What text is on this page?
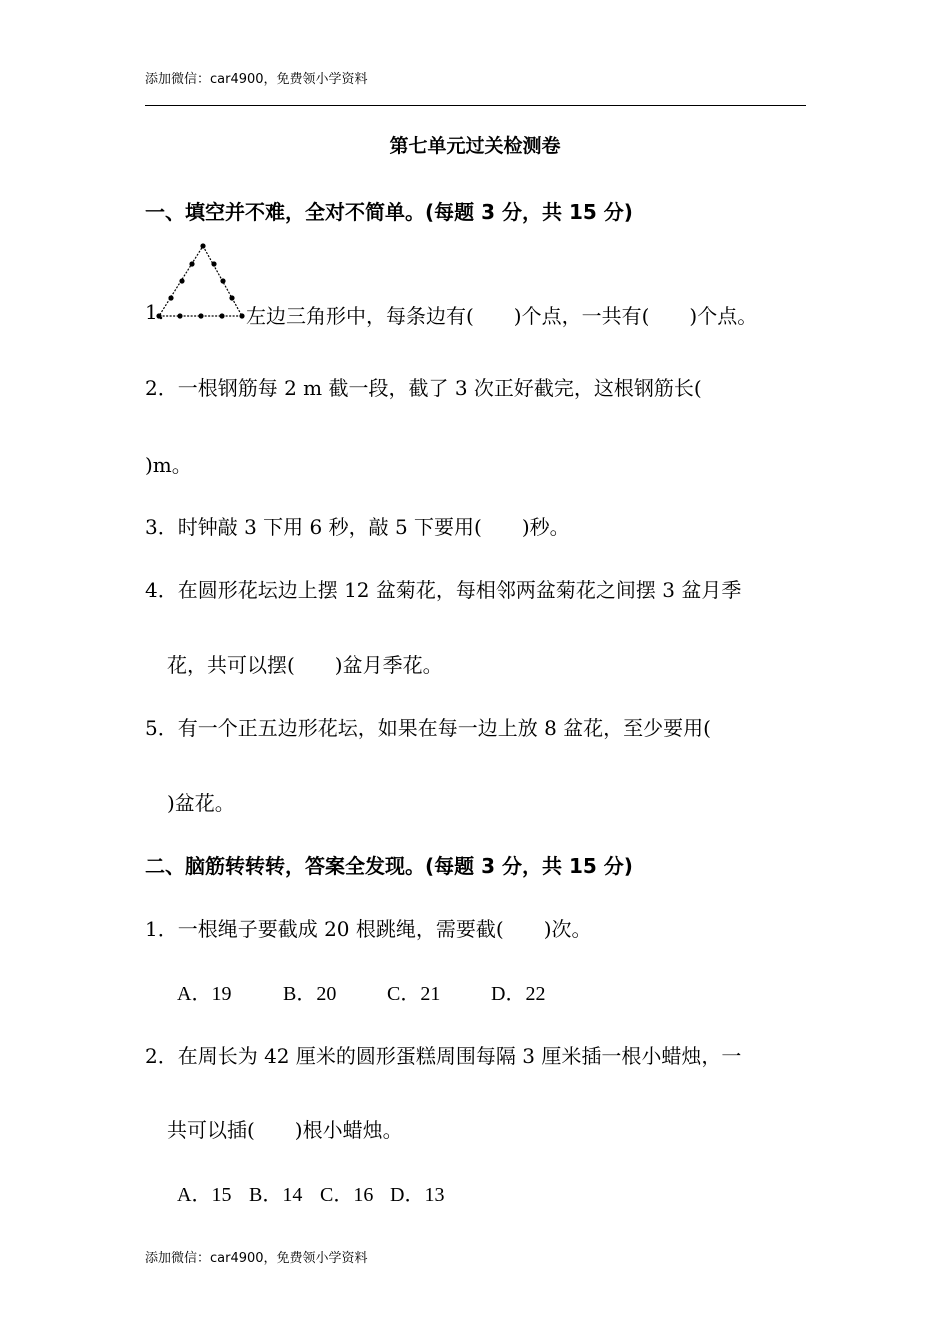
添加微信：car4900，免费领小学资料
第七单元过关检测卷
一、填空并不难，全对不简单。(每题 3 分，共 15 分)
1.	左边三角形中，每条边有(　　)个点，一共有(　　)个点。
2．一根钢筋每 2 m 截一段，截了 3 次正好截完，这根钢筋长(
)m。
3．时钟敲 3 下用 6 秒，敲 5 下要用(　　)秒。
4．在圆形花坛边上摆 12 盆菊花，每相邻两盆菊花之间摆 3 盆月季
花，共可以摆(　　)盆月季花。
5．有一个正五边形花坛，如果在每一边上放 8 盆花，至少要用(
)盆花。
二、脑筋转转转，答案全发现。(每题 3 分，共 15 分)
1．一根绳子要截成 20 根跳绳，需要截(　　)次。
A．19	B．20	C．21	D．22
2．在周长为 42 厘米的圆形蛋糕周围每隔 3 厘米插一根小蜡烛，一
共可以插(　　)根小蜡烛。
A．15 B．14 C．16 D．13
添加微信：car4900，免费领小学资料
